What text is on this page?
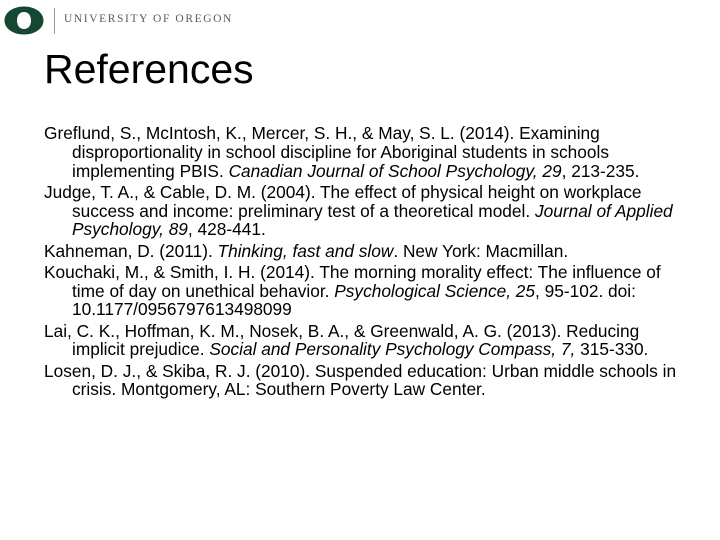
UNIVERSITY OF OREGON
References

Greflund, S., McIntosh, K., Mercer, S. H., & May, S. L. (2014). Examining disproportionality in school discipline for Aboriginal students in schools implementing PBIS. Canadian Journal of School Psychology, 29, 213-235.

Judge, T. A., & Cable, D. M. (2004). The effect of physical height on workplace success and income: preliminary test of a theoretical model. Journal of Applied Psychology, 89, 428-441.

Kahneman, D. (2011). Thinking, fast and slow. New York: Macmillan.

Kouchaki, M., & Smith, I. H. (2014). The morning morality effect: The influence of time of day on unethical behavior. Psychological Science, 25, 95-102. doi: 10.1177/0956797613498099

Lai, C. K., Hoffman, K. M., Nosek, B. A., & Greenwald, A. G. (2013). Reducing implicit prejudice. Social and Personality Psychology Compass, 7, 315-330.

Losen, D. J., & Skiba, R. J. (2010). Suspended education: Urban middle schools in crisis. Montgomery, AL: Southern Poverty Law Center.
